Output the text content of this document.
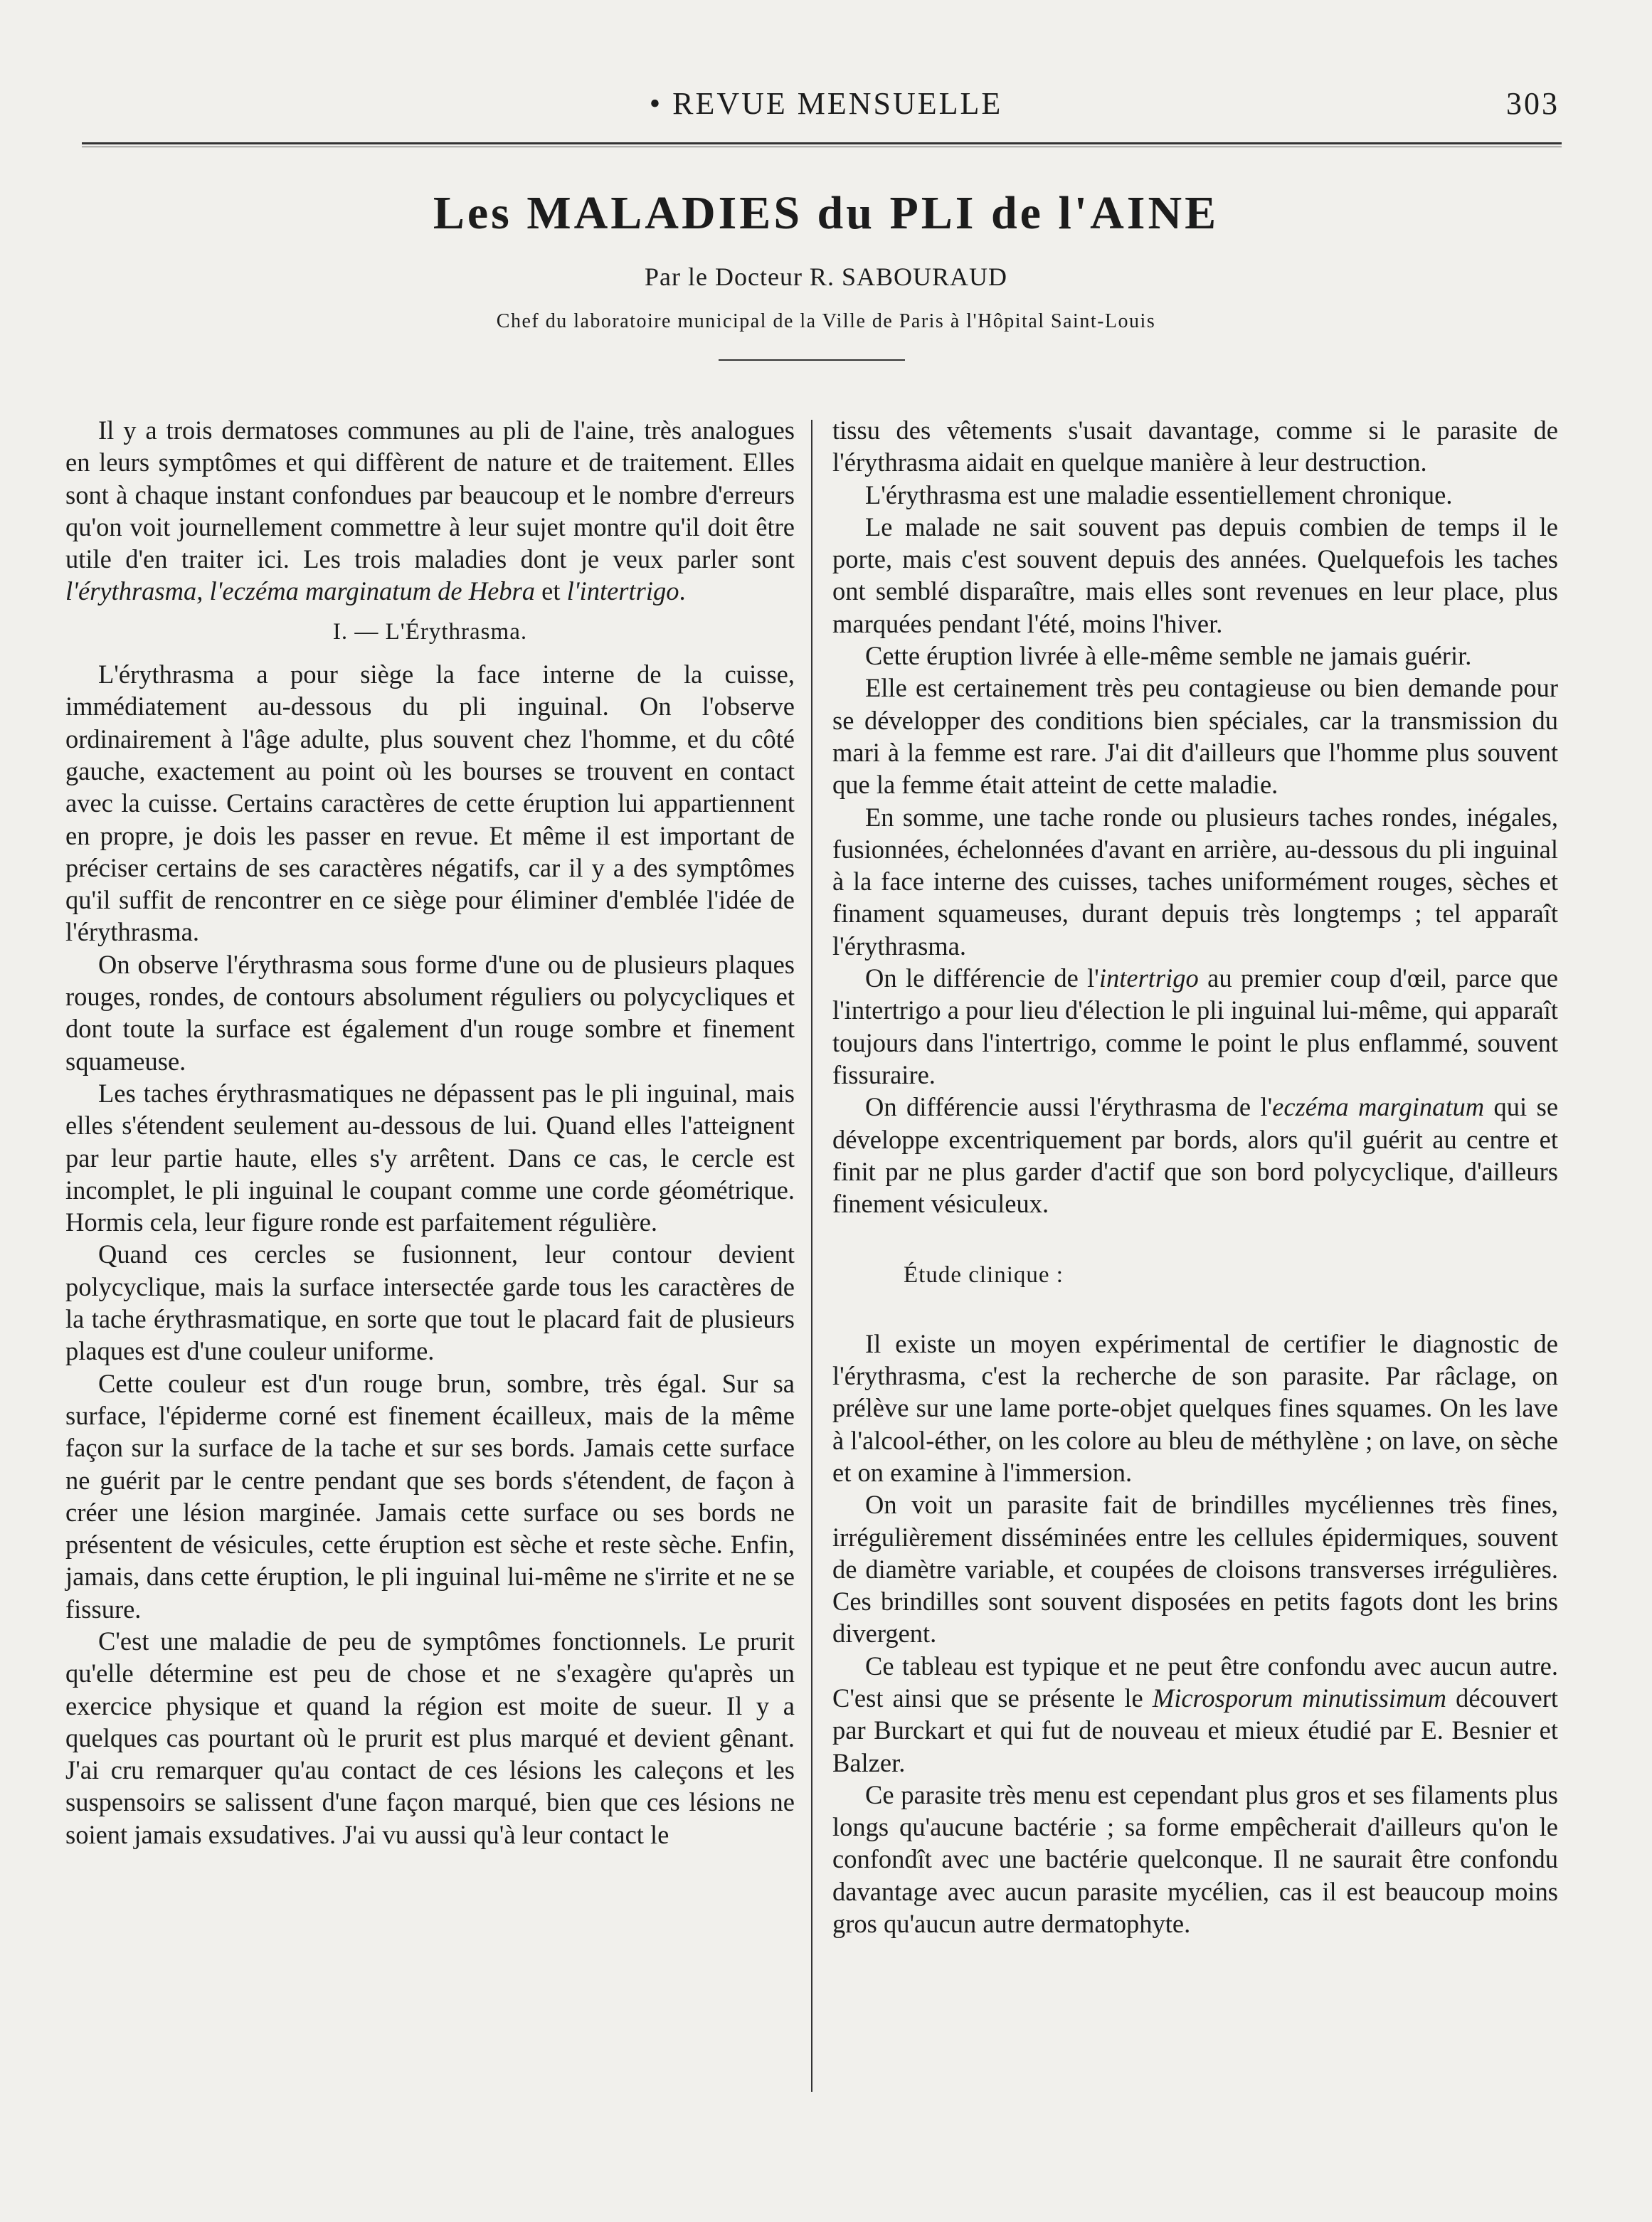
• REVUE MENSUELLE	303
Les MALADIES du PLI de l'AINE
Par le Docteur R. SABOURAUD
Chef du laboratoire municipal de la Ville de Paris à l'Hôpital Saint-Louis

Il y a trois dermatoses communes au pli de l'aine, très analogues en leurs symptômes et qui diffèrent de nature et de traitement. Elles sont à chaque instant confondues par beaucoup et le nombre d'erreurs qu'on voit journellement commettre à leur sujet montre qu'il doit être utile d'en traiter ici. Les trois maladies dont je veux parler sont l'érythrasma, l'eczéma marginatum de Hebra et l'intertrigo.

I. — L'Érythrasma.

L'érythrasma a pour siège la face interne de la cuisse, immédiatement au-dessous du pli inguinal. On l'observe ordinairement à l'âge adulte, plus souvent chez l'homme, et du côté gauche, exactement au point où les bourses se trouvent en contact avec la cuisse. Certains caractères de cette éruption lui appartiennent en propre, je dois les passer en revue. Et même il est important de préciser certains de ses caractères négatifs, car il y a des symptômes qu'il suffit de rencontrer en ce siège pour éliminer d'emblée l'idée de l'érythrasma.

On observe l'érythrasma sous forme d'une ou de plusieurs plaques rouges, rondes, de contours absolument réguliers ou polycycliques et dont toute la surface est également d'un rouge sombre et finement squameuse.

Les taches érythrasmatiques ne dépassent pas le pli inguinal, mais elles s'étendent seulement au-dessous de lui. Quand elles l'atteignent par leur partie haute, elles s'y arrêtent. Dans ce cas, le cercle est incomplet, le pli inguinal le coupant comme une corde géométrique. Hormis cela, leur figure ronde est parfaitement régulière.

Quand ces cercles se fusionnent, leur contour devient polycyclique, mais la surface intersectée garde tous les caractères de la tache érythrasmatique, en sorte que tout le placard fait de plusieurs plaques est d'une couleur uniforme.

Cette couleur est d'un rouge brun, sombre, très égal. Sur sa surface, l'épiderme corné est finement écailleux, mais de la même façon sur la surface de la tache et sur ses bords. Jamais cette surface ne guérit par le centre pendant que ses bords s'étendent, de façon à créer une lésion marginée. Jamais cette surface ou ses bords ne présentent de vésicules, cette éruption est sèche et reste sèche. Enfin, jamais, dans cette éruption, le pli inguinal lui-même ne s'irrite et ne se fissure.

C'est une maladie de peu de symptômes fonctionnels. Le prurit qu'elle détermine est peu de chose et ne s'exagère qu'après un exercice physique et quand la région est moite de sueur. Il y a quelques cas pourtant où le prurit est plus marqué et devient gênant. J'ai cru remarquer qu'au contact de ces lésions les caleçons et les suspensoirs se salissent d'une façon marqué, bien que ces lésions ne soient jamais exsudatives. J'ai vu aussi qu'à leur contact le

tissu des vêtements s'usait davantage, comme si le parasite de l'érythrasma aidait en quelque manière à leur destruction.

L'érythrasma est une maladie essentiellement chronique.

Le malade ne sait souvent pas depuis combien de temps il le porte, mais c'est souvent depuis des années. Quelquefois les taches ont semblé disparaître, mais elles sont revenues en leur place, plus marquées pendant l'été, moins l'hiver.

Cette éruption livrée à elle-même semble ne jamais guérir.

Elle est certainement très peu contagieuse ou bien demande pour se développer des conditions bien spéciales, car la transmission du mari à la femme est rare. J'ai dit d'ailleurs que l'homme plus souvent que la femme était atteint de cette maladie.

En somme, une tache ronde ou plusieurs taches rondes, inégales, fusionnées, échelonnées d'avant en arrière, au-dessous du pli inguinal à la face interne des cuisses, taches uniformément rouges, sèches et finament squameuses, durant depuis très longtemps ; tel apparaît l'érythrasma.

On le différencie de l'intertrigo au premier coup d'œil, parce que l'intertrigo a pour lieu d'élection le pli inguinal lui-même, qui apparaît toujours dans l'intertrigo, comme le point le plus enflammé, souvent fissuraire.

On différencie aussi l'érythrasma de l'eczéma marginatum qui se développe excentriquement par bords, alors qu'il guérit au centre et finit par ne plus garder d'actif que son bord polycyclique, d'ailleurs finement vésiculeux.

Étude clinique :

Il existe un moyen expérimental de certifier le diagnostic de l'érythrasma, c'est la recherche de son parasite. Par râclage, on prélève sur une lame porte-objet quelques fines squames. On les lave à l'alcool-éther, on les colore au bleu de méthylène ; on lave, on sèche et on examine à l'immersion.

On voit un parasite fait de brindilles mycéliennes très fines, irrégulièrement disséminées entre les cellules épidermiques, souvent de diamètre variable, et coupées de cloisons transverses irrégulières. Ces brindilles sont souvent disposées en petits fagots dont les brins divergent.

Ce tableau est typique et ne peut être confondu avec aucun autre. C'est ainsi que se présente le Microsporum minutissimum découvert par Burckart et qui fut de nouveau et mieux étudié par E. Besnier et Balzer.

Ce parasite très menu est cependant plus gros et ses filaments plus longs qu'aucune bactérie ; sa forme empêcherait d'ailleurs qu'on le confondît avec une bactérie quelconque. Il ne saurait être confondu davantage avec aucun parasite mycélien, cas il est beaucoup moins gros qu'aucun autre dermatophyte.
